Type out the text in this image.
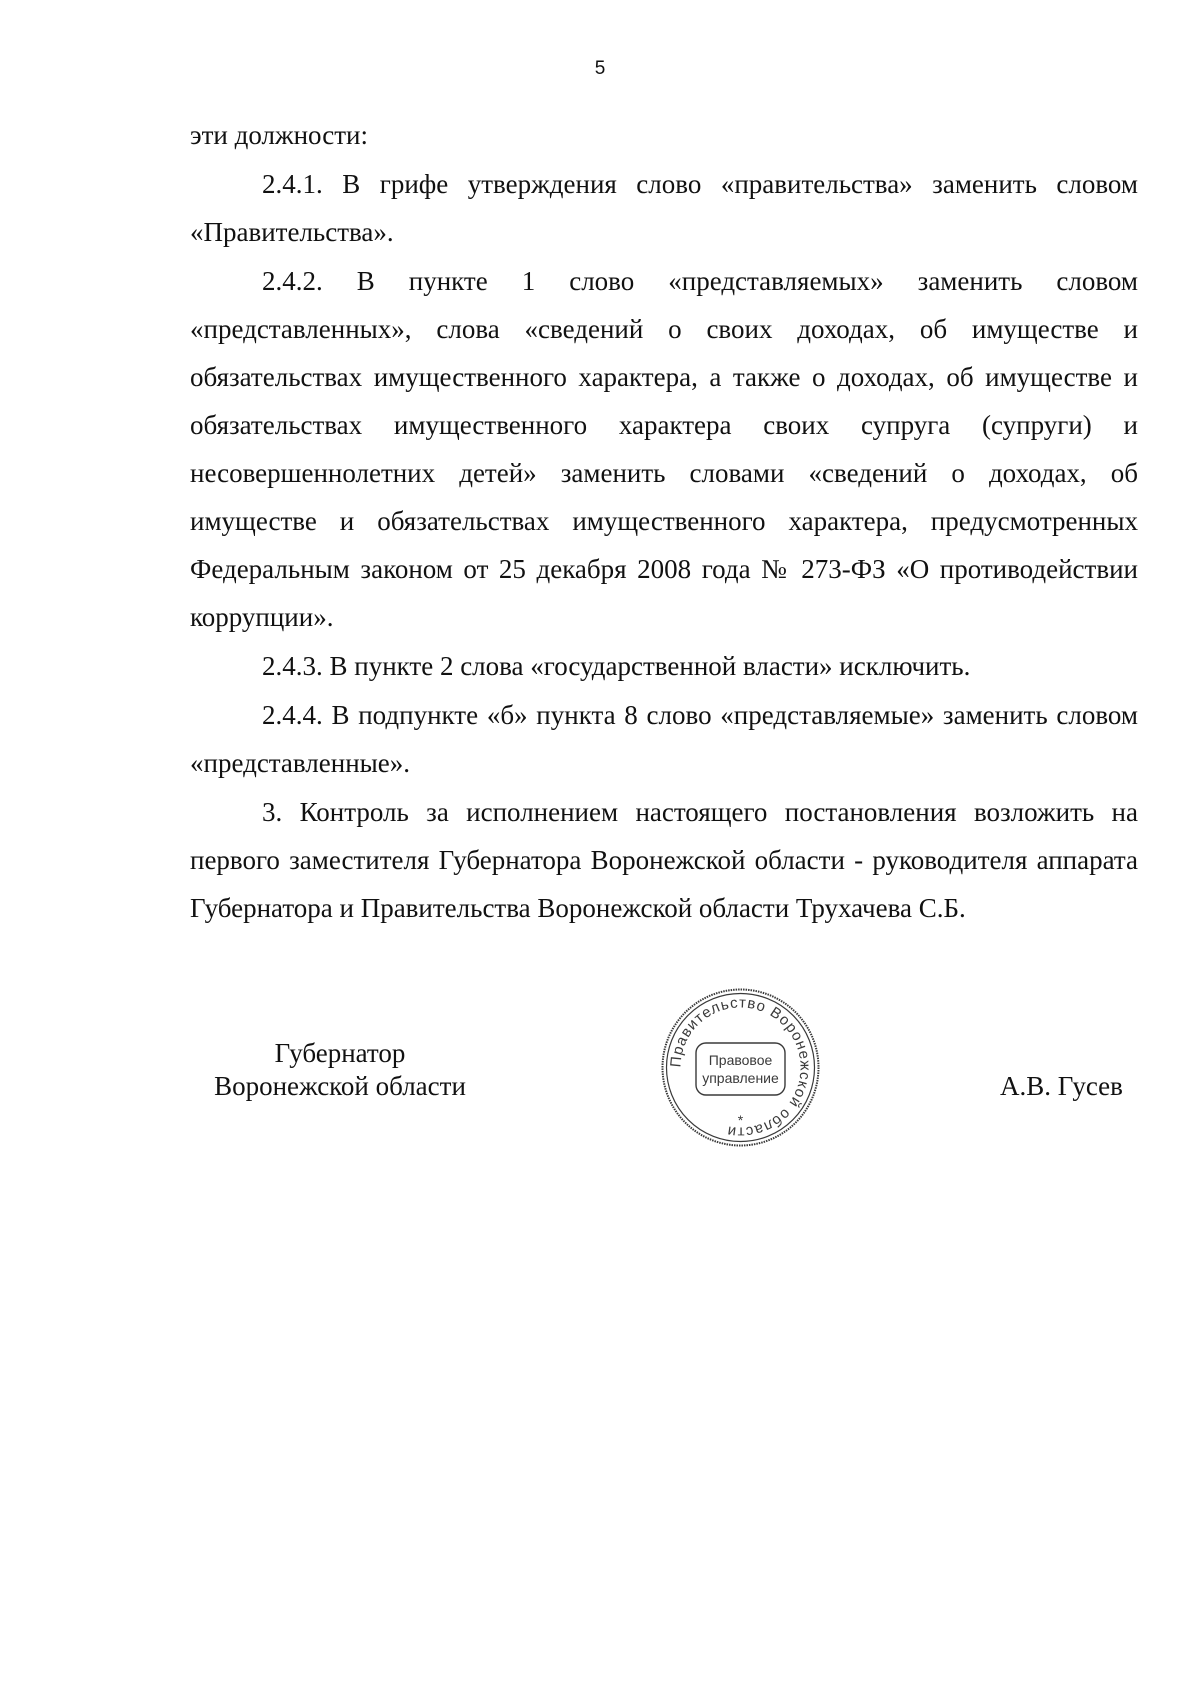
5

эти должности:

2.4.1. В грифе утверждения слово «правительства» заменить словом «Правительства».

2.4.2. В пункте 1 слово «представляемых» заменить словом «представленных», слова «сведений о своих доходах, об имуществе и обязательствах имущественного характера, а также о доходах, об имуществе и обязательствах имущественного характера своих супруга (супруги) и несовершеннолетних детей» заменить словами «сведений о доходах, об имуществе и обязательствах имущественного характера, предусмотренных Федеральным законом от 25 декабря 2008 года № 273-ФЗ «О противодействии коррупции».

2.4.3. В пункте 2 слова «государственной власти» исключить.

2.4.4. В подпункте «б» пункта 8 слово «представляемые» заменить словом «представленные».

3. Контроль за исполнением настоящего постановления возложить на первого заместителя Губернатора Воронежской области - руководителя аппарата Губернатора и Правительства Воронежской области Трухачева С.Б.

Губернатор
Воронежской области
Правительство Воронежской области
Правовое
управление
*
А.В. Гусев
